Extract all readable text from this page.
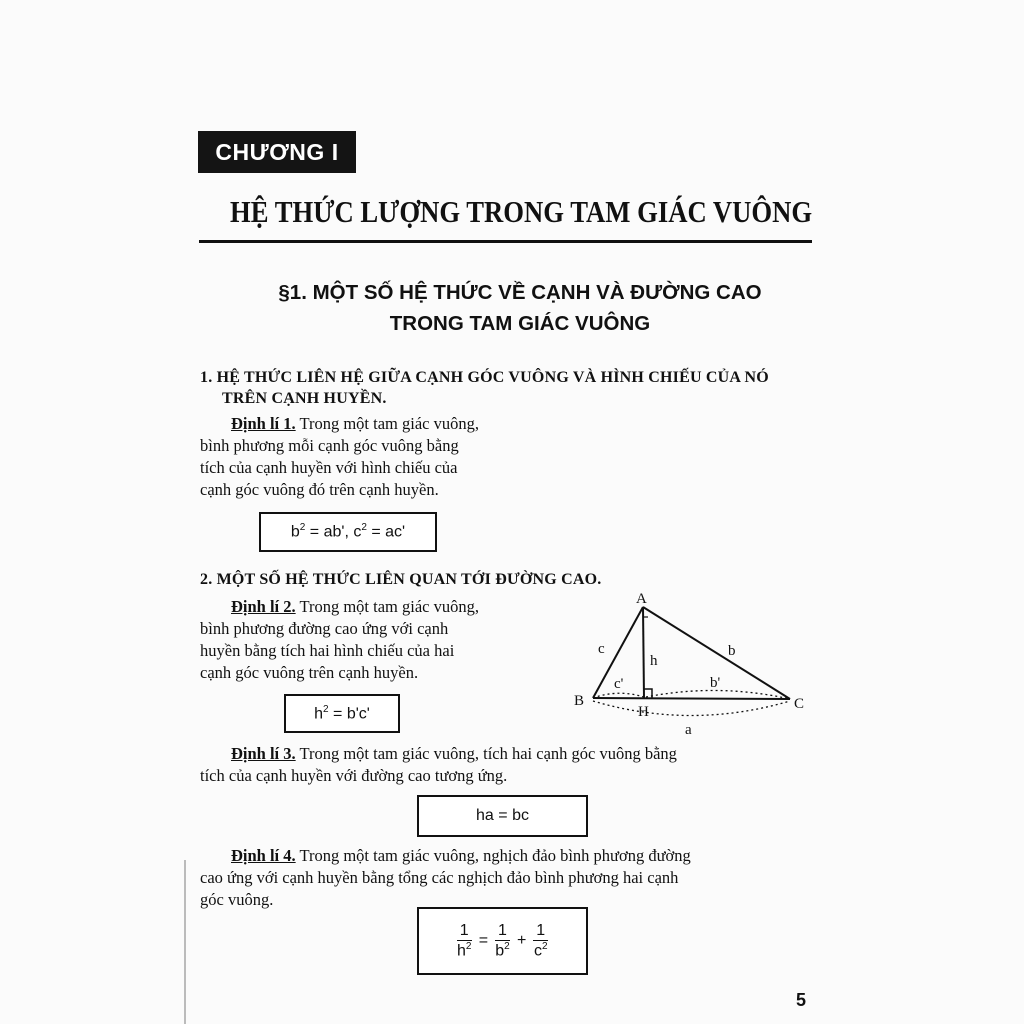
CHƯƠNG I
HỆ THỨC LƯỢNG TRONG TAM GIÁC VUÔNG
§1. MỘT SỐ HỆ THỨC VỀ CẠNH VÀ ĐƯỜNG CAO
TRONG TAM GIÁC VUÔNG
1. HỆ THỨC LIÊN HỆ GIỮA CẠNH GÓC VUÔNG VÀ HÌNH CHIẾU CỦA NÓ
TRÊN CẠNH HUYỀN.
Định lí 1. Trong một tam giác vuông,
bình phương mỗi cạnh góc vuông bằng
tích của cạnh huyền với hình chiếu của
cạnh góc vuông đó trên cạnh huyền.
$b^2 = ab'$, $c^2 = ac'$
2. MỘT SỐ HỆ THỨC LIÊN QUAN TỚI ĐƯỜNG CAO.
Định lí 2. Trong một tam giác vuông,
bình phương đường cao ứng với cạnh
huyền bằng tích hai hình chiếu của hai
cạnh góc vuông trên cạnh huyền.
$h^2 = b'c'$
A
B	C
H
c	b
h
c'	b'
a
Định lí 3. Trong một tam giác vuông, tích hai cạnh góc vuông bằng
tích của cạnh huyền với đường cao tương ứng.
ha = bc
Định lí 4. Trong một tam giác vuông, nghịch đảo bình phương đường
cao ứng với cạnh huyền bằng tổng các nghịch đảo bình phương hai cạnh
góc vuông.
$\frac{1}{h^2} = \frac{1}{b^2} + \frac{1}{c^2}$
5
